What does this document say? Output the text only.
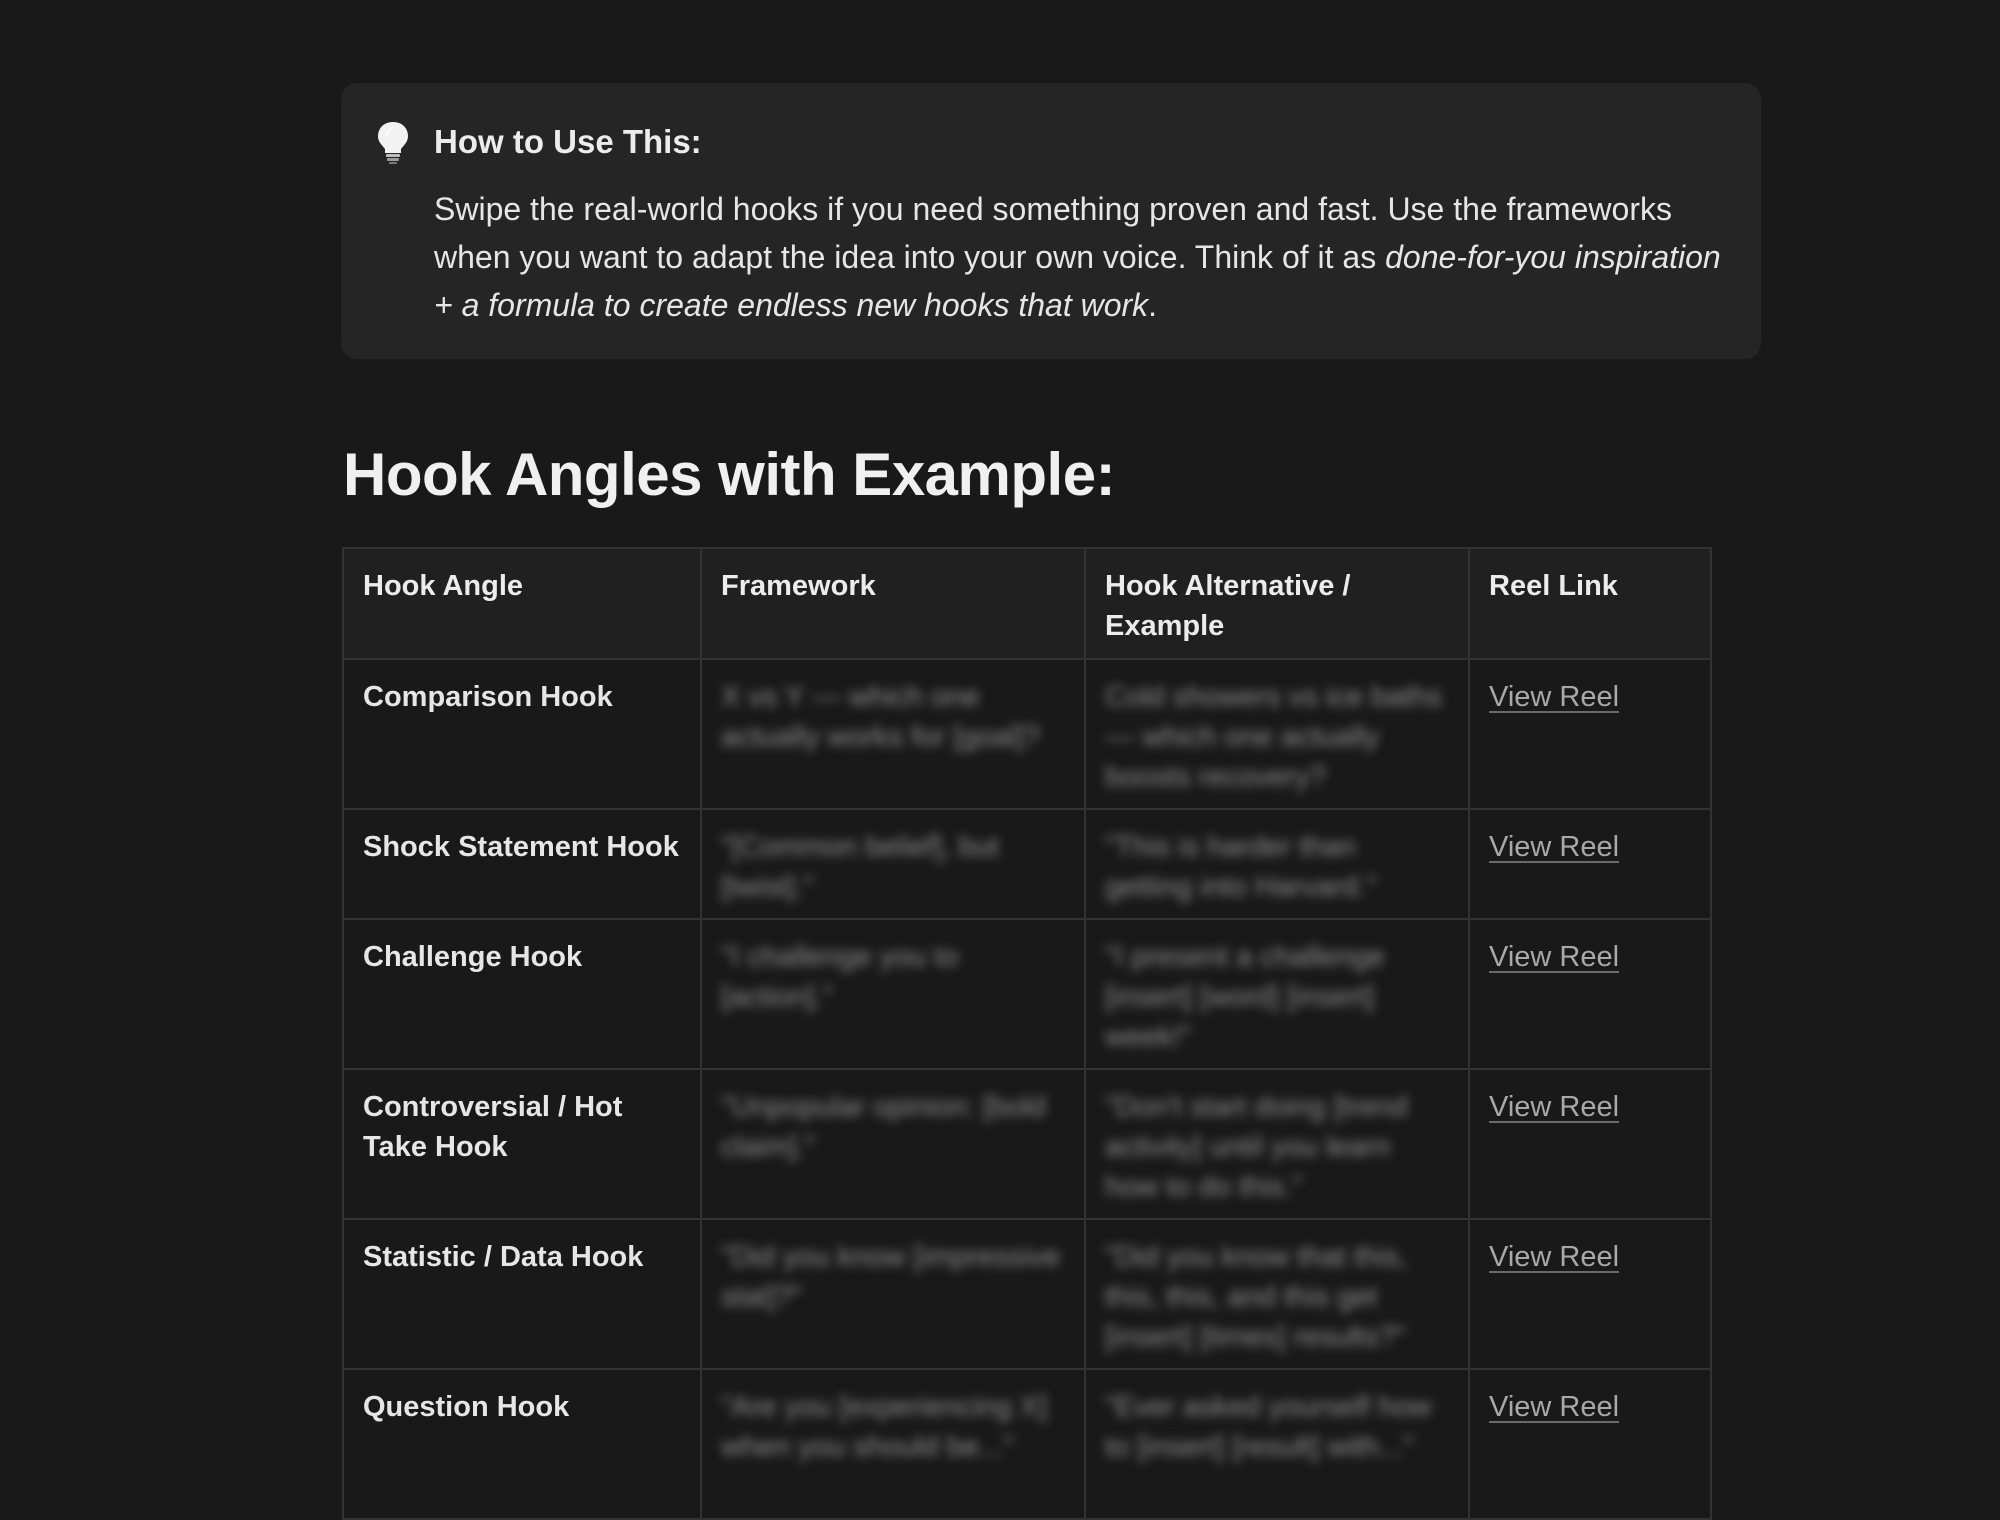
How to Use This:
Swipe the real-world hooks if you need something proven and fast. Use the frameworks when you want to adapt the idea into your own voice. Think of it as done-for-you inspiration + a formula to create endless new hooks that work.
Hook Angles with Example:
Hook Angle	Framework	Hook Alternative / Example	Reel Link
Comparison Hook	X vs Y — which one actually works for [goal]?	Cold showers vs ice baths — which one actually boosts recovery?	View Reel
Shock Statement Hook	"[Common belief], but [twist]."	"This is harder than getting into Harvard."	View Reel
Challenge Hook	"I challenge you to [action]."	"I present a challenge [insert] [word] [insert] week!"	View Reel
Controversial / Hot Take Hook	"Unpopular opinion: [bold claim]."	"Don't start doing [trend activity] until you learn how to do this."	View Reel
Statistic / Data Hook	"Did you know [impressive stat]?"	"Did you know that this, this, this, and this get [insert] [times] results?"	View Reel
Question Hook	"Are you [experiencing X] when you should be..."	"Ever asked yourself how to [insert] [result] with..."	View Reel
